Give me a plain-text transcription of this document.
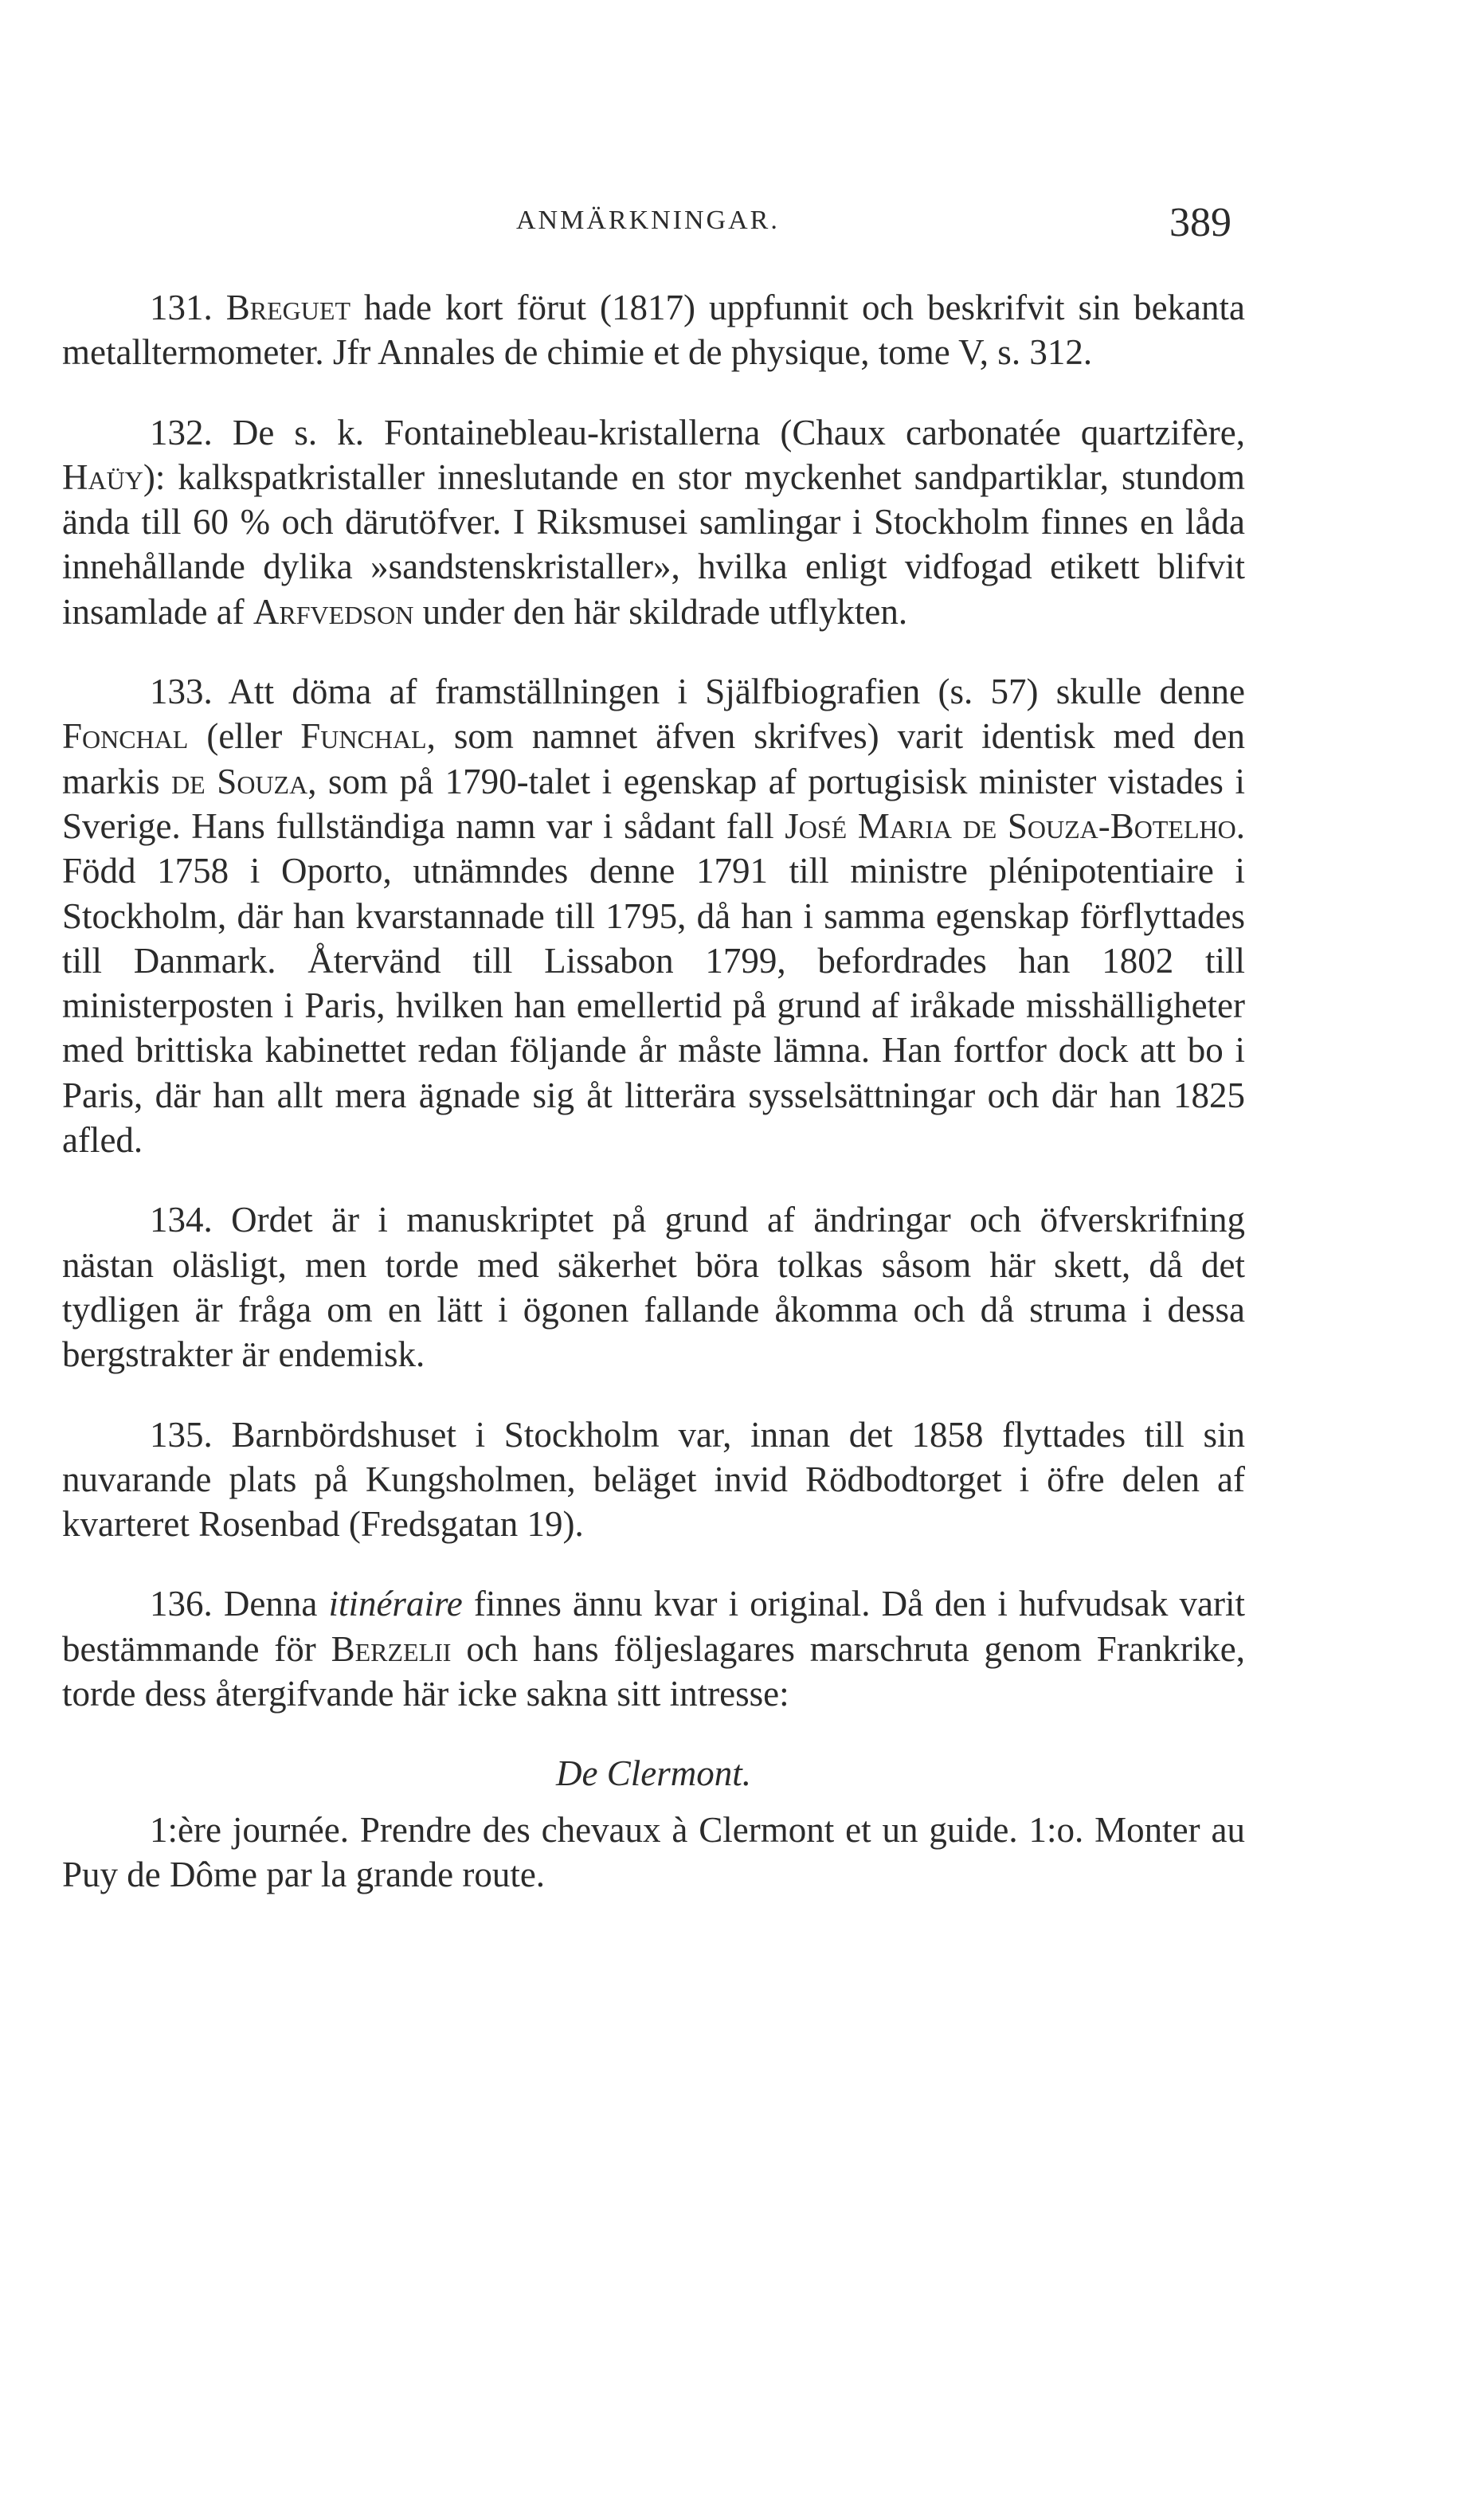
ANMÄRKNINGAR.	389

131. Breguet hade kort förut (1817) uppfunnit och beskrifvit sin bekanta metalltermometer. Jfr Annales de chimie et de physique, tome V, s. 312.

132. De s. k. Fontainebleau-kristallerna (Chaux carbonatée quartzifère, Haüy): kalkspatkristaller inneslutande en stor myckenhet sandpartiklar, stundom ända till 60 % och därutöfver. I Riksmusei samlingar i Stockholm finnes en låda innehållande dylika »sandstenskristaller», hvilka enligt vidfogad etikett blifvit insamlade af Arfvedson under den här skildrade utflykten.

133. Att döma af framställningen i Själfbiografien (s. 57) skulle denne Fonchal (eller Funchal, som namnet äfven skrifves) varit identisk med den markis de Souza, som på 1790-talet i egenskap af portugisisk minister vistades i Sverige. Hans fullständiga namn var i sådant fall José Maria de Souza-Botelho. Född 1758 i Oporto, utnämndes denne 1791 till ministre plénipotentiaire i Stockholm, där han kvarstannade till 1795, då han i samma egenskap förflyttades till Danmark. Återvänd till Lissabon 1799, befordrades han 1802 till ministerposten i Paris, hvilken han emellertid på grund af iråkade misshälligheter med brittiska kabinettet redan följande år måste lämna. Han fortfor dock att bo i Paris, där han allt mera ägnade sig åt litterära sysselsättningar och där han 1825 afled.

134. Ordet är i manuskriptet på grund af ändringar och öfverskrifning nästan oläsligt, men torde med säkerhet böra tolkas såsom här skett, då det tydligen är fråga om en lätt i ögonen fallande åkomma och då struma i dessa bergstrakter är endemisk.

135. Barnbördshuset i Stockholm var, innan det 1858 flyttades till sin nuvarande plats på Kungsholmen, beläget invid Rödbodtorget i öfre delen af kvarteret Rosenbad (Fredsgatan 19).

136. Denna itinéraire finnes ännu kvar i original. Då den i hufvudsak varit bestämmande för Berzelii och hans följeslagares marschruta genom Frankrike, torde dess återgifvande här icke sakna sitt intresse:

De Clermont.

1:ère journée. Prendre des chevaux à Clermont et un guide. 1:o. Monter au Puy de Dôme par la grande route.
